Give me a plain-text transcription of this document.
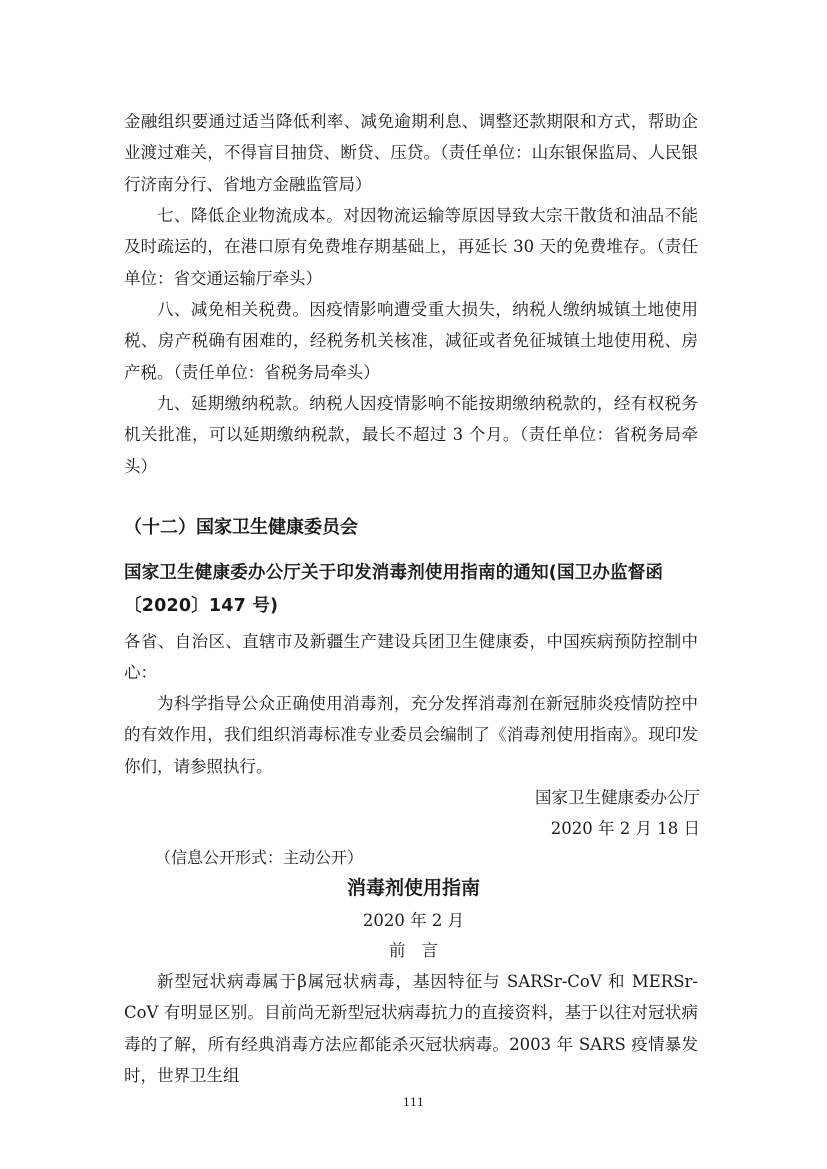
金融组织要通过适当降低利率、减免逾期利息、调整还款期限和方式，帮助企业渡过难关，不得盲目抽贷、断贷、压贷。（责任单位：山东银保监局、人民银行济南分行、省地方金融监管局）

七、降低企业物流成本。对因物流运输等原因导致大宗干散货和油品不能及时疏运的，在港口原有免费堆存期基础上，再延长 30 天的免费堆存。（责任单位：省交通运输厅牵头）

八、减免相关税费。因疫情影响遭受重大损失，纳税人缴纳城镇土地使用税、房产税确有困难的，经税务机关核准，减征或者免征城镇土地使用税、房产税。（责任单位：省税务局牵头）

九、延期缴纳税款。纳税人因疫情影响不能按期缴纳税款的，经有权税务机关批准，可以延期缴纳税款，最长不超过 3 个月。（责任单位：省税务局牵头）

（十二）国家卫生健康委员会
国家卫生健康委办公厅关于印发消毒剂使用指南的通知(国卫办监督函〔2020〕147 号)

各省、自治区、直辖市及新疆生产建设兵团卫生健康委，中国疾病预防控制中心：

为科学指导公众正确使用消毒剂，充分发挥消毒剂在新冠肺炎疫情防控中的有效作用，我们组织消毒标准专业委员会编制了《消毒剂使用指南》。现印发你们，请参照执行。

国家卫生健康委办公厅

2020 年 2 月 18 日

（信息公开形式：主动公开）

消毒剂使用指南

2020 年 2 月

前言

新型冠状病毒属于β属冠状病毒，基因特征与 SARSr-CoV 和 MERSr-CoV 有明显区别。目前尚无新型冠状病毒抗力的直接资料，基于以往对冠状病毒的了解，所有经典消毒方法应都能杀灭冠状病毒。2003 年 SARS 疫情暴发时，世界卫生组

111
